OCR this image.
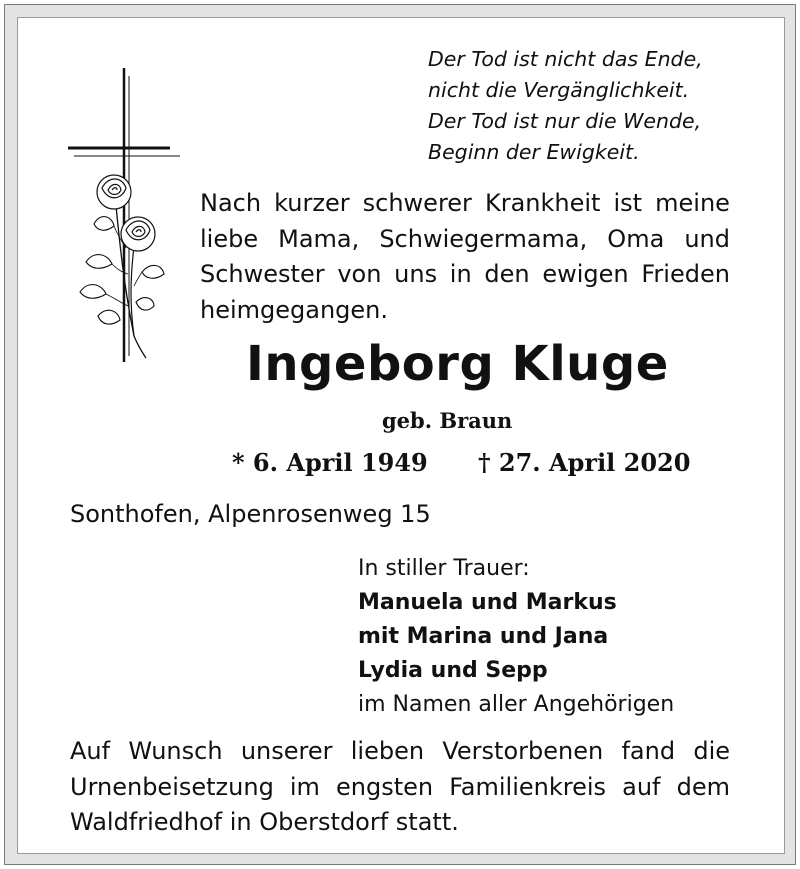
Der Tod ist nicht das Ende,
nicht die Vergänglichkeit.
Der Tod ist nur die Wende,
Beginn der Ewigkeit.
Nach kurzer schwerer Krankheit ist meine
liebe Mama, Schwiegermama, Oma und
Schwester von uns in den ewigen Frieden
heimgegangen.
Ingeborg Kluge
geb. Braun
* 6. April 1949 † 27. April 2020
Sonthofen, Alpenrosenweg 15
In stiller Trauer:
Manuela und Markus
mit Marina und Jana
Lydia und Sepp
im Namen aller Angehörigen
Auf Wunsch unserer lieben Verstorbenen fand die
Urnenbeisetzung im engsten Familienkreis auf dem
Waldfriedhof in Oberstdorf statt.
